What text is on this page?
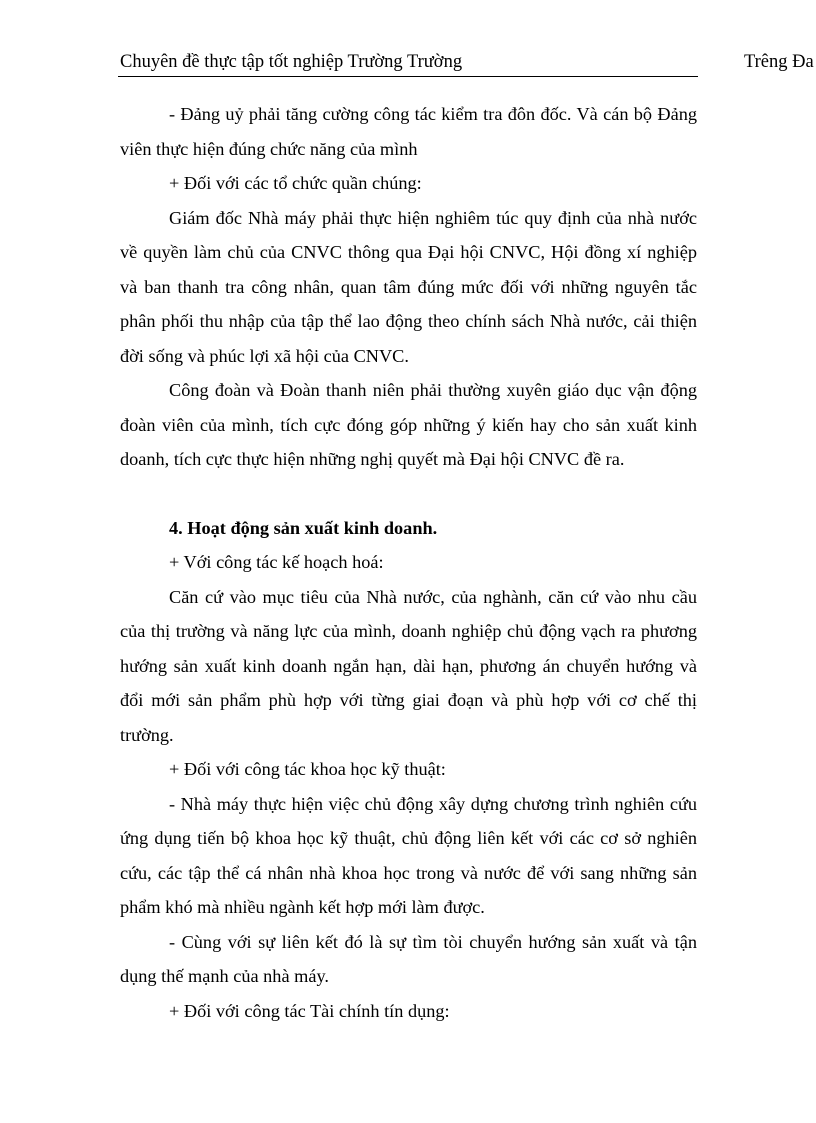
Chuyên đề thực tập tốt nghiệp Trường Trường	Trêng Đa

- Đảng uỷ phải tăng cường công tác kiểm tra đôn đốc. Và cán bộ Đảng viên thực hiện đúng chức năng của mình

+ Đối với các tổ chức quần chúng:

Giám đốc Nhà máy phải thực hiện nghiêm túc quy định của nhà nước về quyền làm chủ của CNVC thông qua Đại hội CNVC, Hội đồng xí nghiệp và ban thanh tra công nhân, quan tâm đúng mức đối với những nguyên tắc phân phối thu nhập của tập thể lao động theo chính sách Nhà nước, cải thiện đời sống và phúc lợi xã hội của CNVC.

Công đoàn và Đoàn thanh niên phải thường xuyên giáo dục vận động đoàn viên của mình, tích cực đóng góp những ý kiến hay cho sản xuất kinh doanh, tích cực thực hiện những nghị quyết mà Đại hội CNVC đề ra.

4. Hoạt động sản xuất kinh doanh.

+ Với công tác kế hoạch hoá:

Căn cứ vào mục tiêu của Nhà nước, của nghành, căn cứ vào nhu cầu của thị trường và năng lực của mình, doanh nghiệp chủ động vạch ra phương hướng sản xuất kinh doanh ngắn hạn, dài hạn, phương án chuyển hướng và đổi mới sản phẩm phù hợp với từng giai đoạn và phù hợp với cơ chế thị trường.

+ Đối với công tác khoa học kỹ thuật:

- Nhà máy thực hiện việc chủ động xây dựng chương trình nghiên cứu ứng dụng tiến bộ khoa học kỹ thuật, chủ động liên kết với các cơ sở nghiên cứu, các tập thể cá nhân nhà khoa học trong và nước để với sang những sản phẩm khó mà nhiều ngành kết hợp mới làm được.

- Cùng với sự liên kết đó là sự tìm tòi chuyển hướng sản xuất và tận dụng thế mạnh của nhà máy.

+ Đối với công tác Tài chính tín dụng:
